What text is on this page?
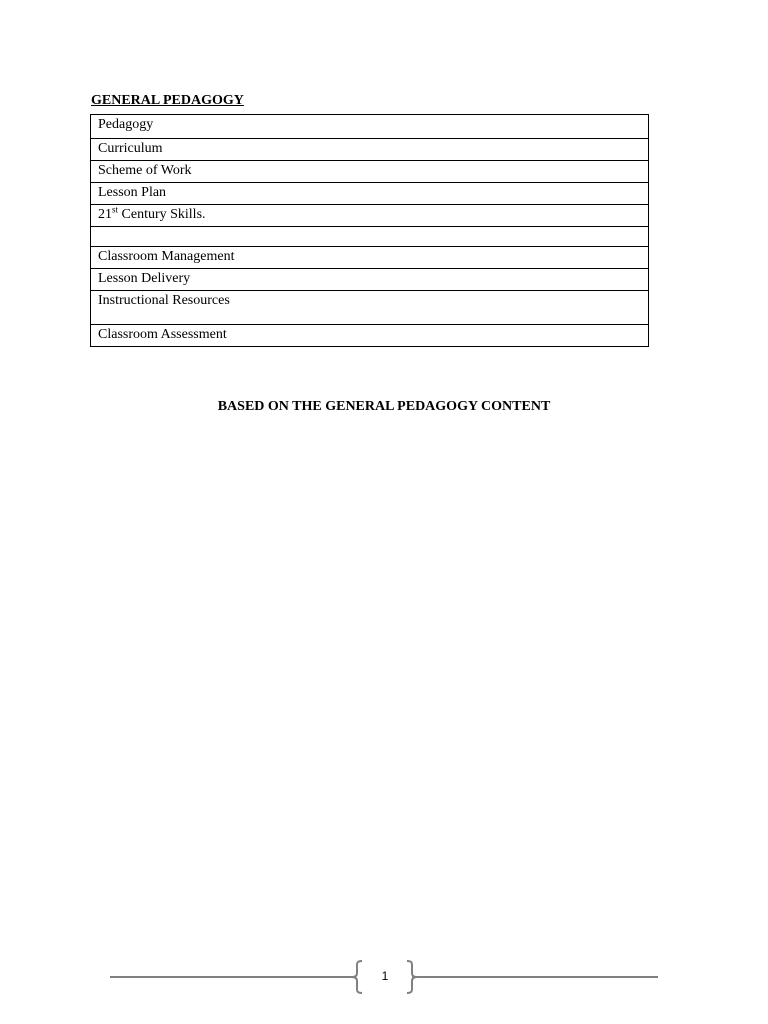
GENERAL PEDAGOGY
Pedagogy
Curriculum
Scheme of Work
Lesson Plan
21st Century Skills.

Classroom Management
Lesson Delivery
Instructional Resources
Classroom Assessment
BASED ON THE GENERAL PEDAGOGY CONTENT
1
